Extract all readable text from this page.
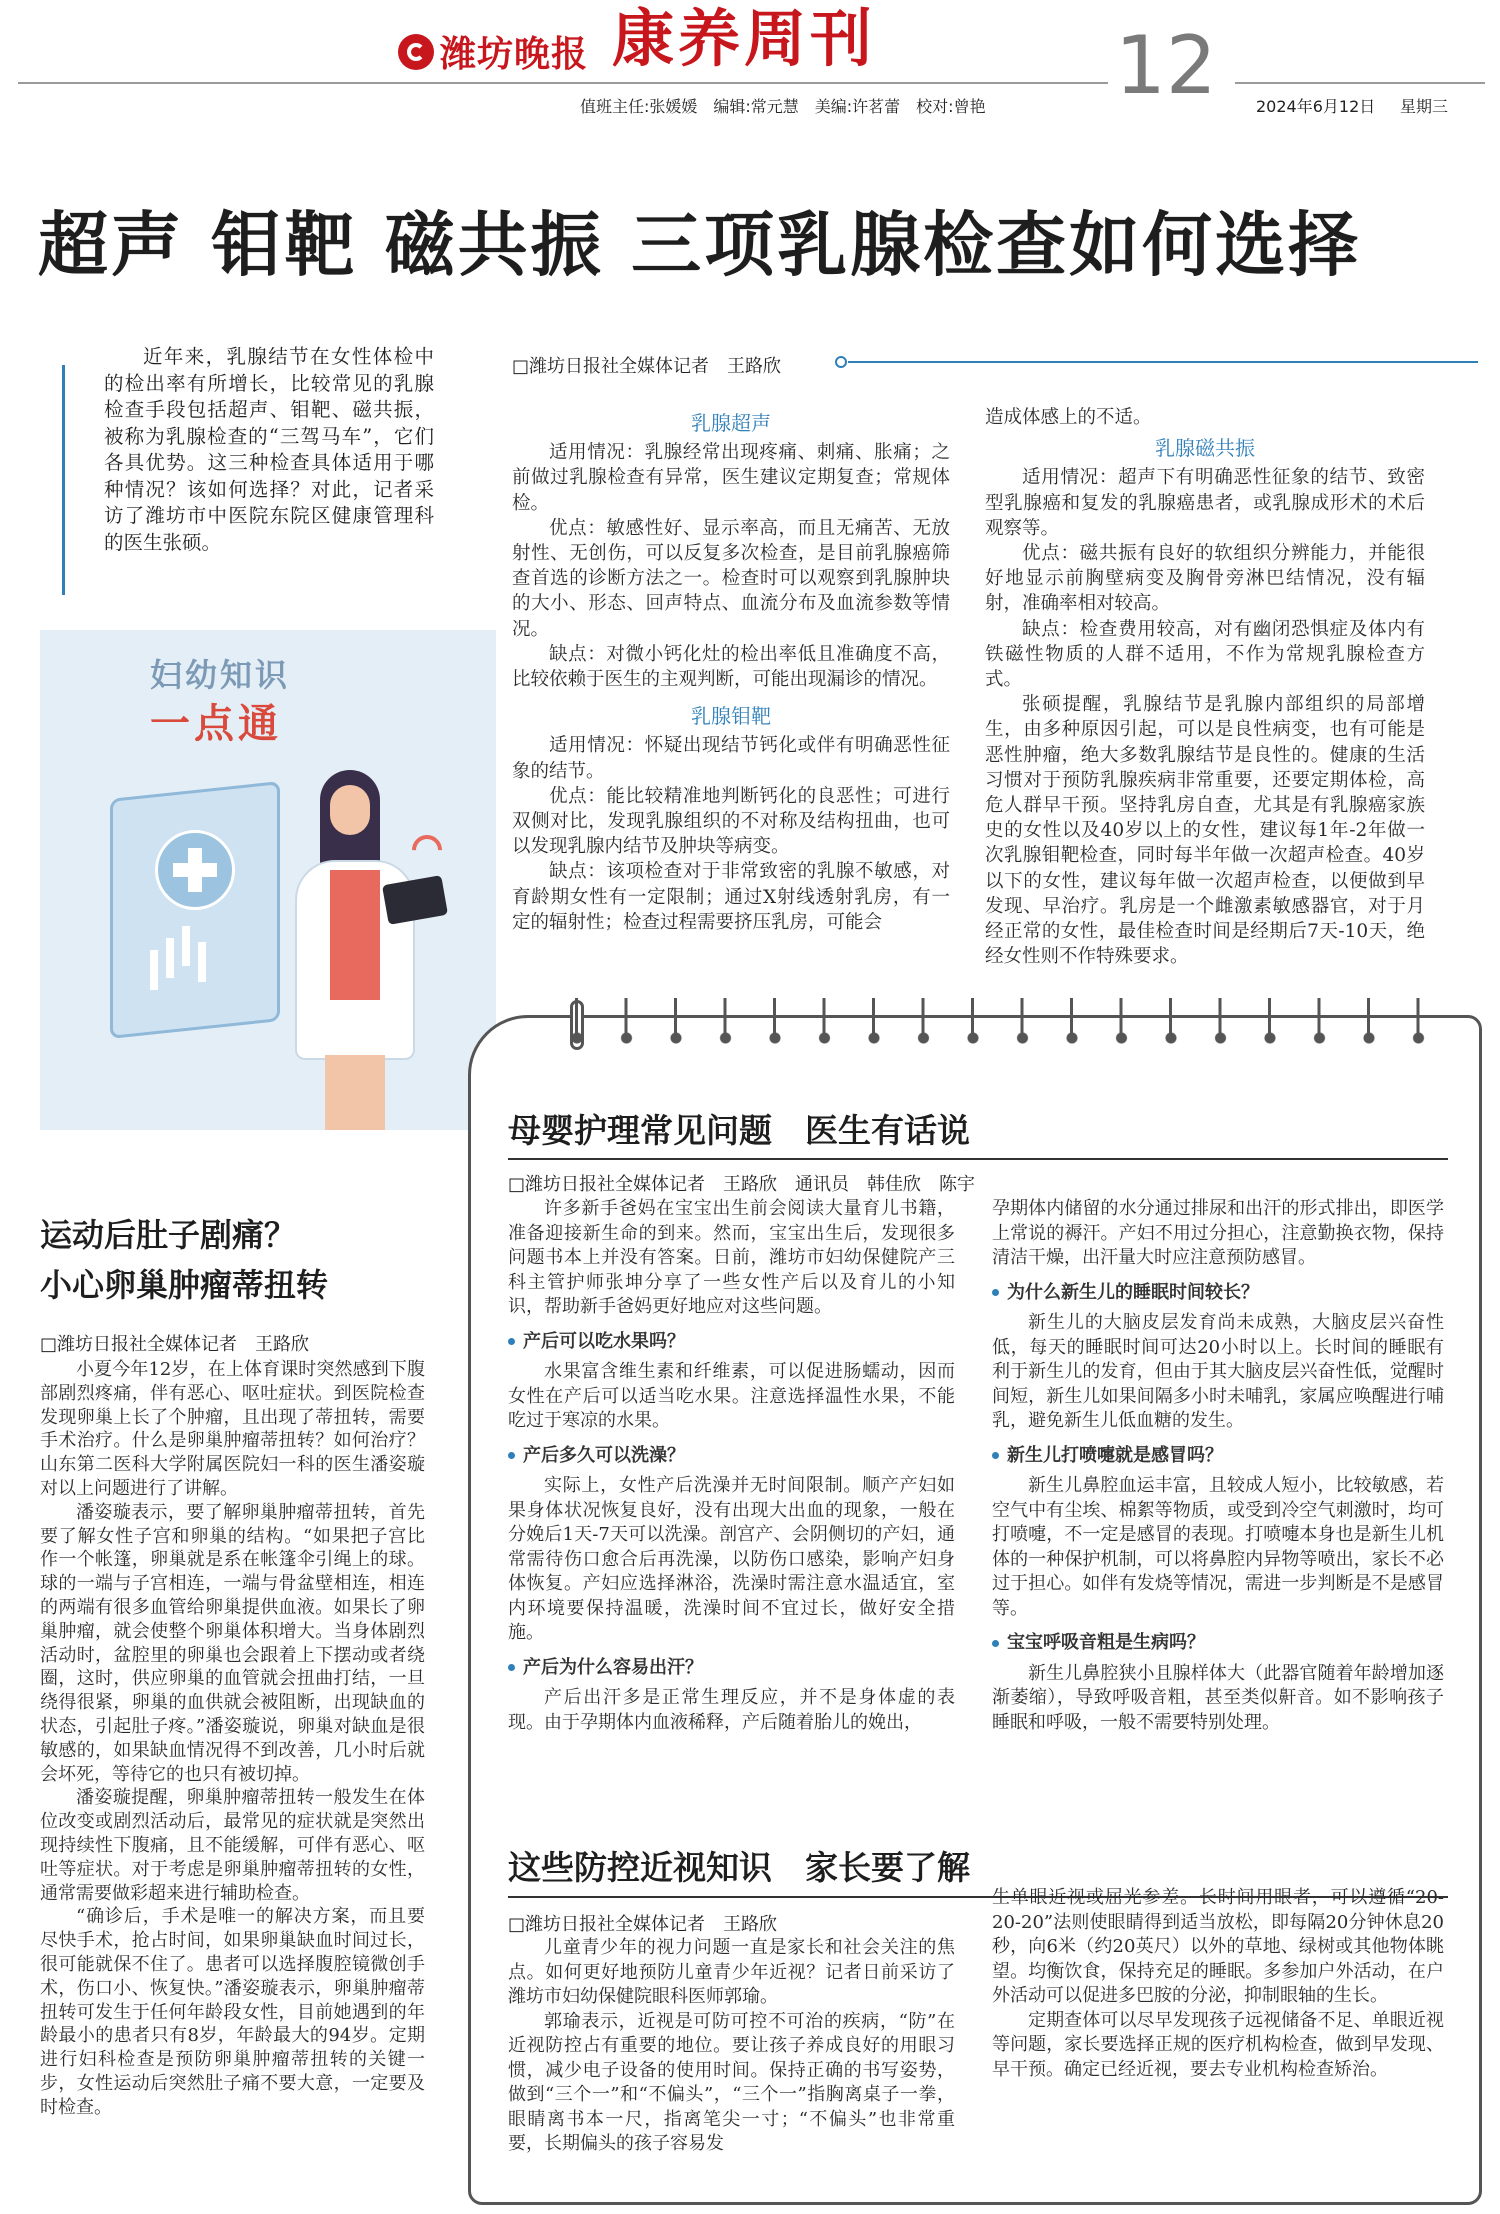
潍坊晚报 康养周刊	12
值班主任:张媛媛　编辑:常元慧　美编:许茗蕾　校对:曾艳	2024年6月12日 星期三
超声 钼靶 磁共振 三项乳腺检查如何选择
近年来，乳腺结节在女性体检中的检出率有所增长，比较常见的乳腺检查手段包括超声、钼靶、磁共振，被称为乳腺检查的“三驾马车”，它们各具优势。这三种检查具体适用于哪种情况？该如何选择？对此，记者采访了潍坊市中医院东院区健康管理科的医生张硕。
妇幼知识
一点通
□潍坊日报社全媒体记者　王路欣
乳腺超声

适用情况：乳腺经常出现疼痛、刺痛、胀痛；之前做过乳腺检查有异常，医生建议定期复查；常规体检。

优点：敏感性好、显示率高，而且无痛苦、无放射性、无创伤，可以反复多次检查，是目前乳腺癌筛查首选的诊断方法之一。检查时可以观察到乳腺肿块的大小、形态、回声特点、血流分布及血流参数等情况。

缺点：对微小钙化灶的检出率低且准确度不高，比较依赖于医生的主观判断，可能出现漏诊的情况。

乳腺钼靶

适用情况：怀疑出现结节钙化或伴有明确恶性征象的结节。

优点：能比较精准地判断钙化的良恶性；可进行双侧对比，发现乳腺组织的不对称及结构扭曲，也可以发现乳腺内结节及肿块等病变。

缺点：该项检查对于非常致密的乳腺不敏感，对育龄期女性有一定限制；通过X射线透射乳房，有一定的辐射性；检查过程需要挤压乳房，可能会

造成体感上的不适。
乳腺磁共振

适用情况：超声下有明确恶性征象的结节、致密型乳腺癌和复发的乳腺癌患者，或乳腺成形术的术后观察等。

优点：磁共振有良好的软组织分辨能力，并能很好地显示前胸壁病变及胸骨旁淋巴结情况，没有辐射，准确率相对较高。

缺点：检查费用较高，对有幽闭恐惧症及体内有铁磁性物质的人群不适用，不作为常规乳腺检查方式。

张硕提醒，乳腺结节是乳腺内部组织的局部增生，由多种原因引起，可以是良性病变，也有可能是恶性肿瘤，绝大多数乳腺结节是良性的。健康的生活习惯对于预防乳腺疾病非常重要，还要定期体检，高危人群早干预。坚持乳房自查，尤其是有乳腺癌家族史的女性以及40岁以上的女性，建议每1年-2年做一次乳腺钼靶检查，同时每半年做一次超声检查。40岁以下的女性，建议每年做一次超声检查，以便做到早发现、早治疗。乳房是一个雌激素敏感器官，对于月经正常的女性，最佳检查时间是经期后7天-10天，绝经女性则不作特殊要求。

运动后肚子剧痛？
小心卵巢肿瘤蒂扭转
□潍坊日报社全媒体记者　王路欣

小夏今年12岁，在上体育课时突然感到下腹部剧烈疼痛，伴有恶心、呕吐症状。到医院检查发现卵巢上长了个肿瘤，且出现了蒂扭转，需要手术治疗。什么是卵巢肿瘤蒂扭转？如何治疗？山东第二医科大学附属医院妇一科的医生潘姿璇对以上问题进行了讲解。

潘姿璇表示，要了解卵巢肿瘤蒂扭转，首先要了解女性子宫和卵巢的结构。“如果把子宫比作一个帐篷，卵巢就是系在帐篷伞引绳上的球。球的一端与子宫相连，一端与骨盆壁相连，相连的两端有很多血管给卵巢提供血液。如果长了卵巢肿瘤，就会使整个卵巢体积增大。当身体剧烈活动时，盆腔里的卵巢也会跟着上下摆动或者绕圈，这时，供应卵巢的血管就会扭曲打结，一旦绕得很紧，卵巢的血供就会被阻断，出现缺血的状态，引起肚子疼。”潘姿璇说，卵巢对缺血是很敏感的，如果缺血情况得不到改善，几小时后就会坏死，等待它的也只有被切掉。

潘姿璇提醒，卵巢肿瘤蒂扭转一般发生在体位改变或剧烈活动后，最常见的症状就是突然出现持续性下腹痛，且不能缓解，可伴有恶心、呕吐等症状。对于考虑是卵巢肿瘤蒂扭转的女性，通常需要做彩超来进行辅助检查。

“确诊后，手术是唯一的解决方案，而且要尽快手术，抢占时间，如果卵巢缺血时间过长，很可能就保不住了。患者可以选择腹腔镜微创手术，伤口小、恢复快。”潘姿璇表示，卵巢肿瘤蒂扭转可发生于任何年龄段女性，目前她遇到的年龄最小的患者只有8岁，年龄最大的94岁。定期进行妇科检查是预防卵巢肿瘤蒂扭转的关键一步，女性运动后突然肚子痛不要大意，一定要及时检查。

母婴护理常见问题　医生有话说
□潍坊日报社全媒体记者　王路欣　通讯员　韩佳欣　陈宇

许多新手爸妈在宝宝出生前会阅读大量育儿书籍，准备迎接新生命的到来。然而，宝宝出生后，发现很多问题书本上并没有答案。日前，潍坊市妇幼保健院产三科主管护师张坤分享了一些女性产后以及育儿的小知识，帮助新手爸妈更好地应对这些问题。

产后可以吃水果吗？

水果富含维生素和纤维素，可以促进肠蠕动，因而女性在产后可以适当吃水果。注意选择温性水果，不能吃过于寒凉的水果。

产后多久可以洗澡？

实际上，女性产后洗澡并无时间限制。顺产产妇如果身体状况恢复良好，没有出现大出血的现象，一般在分娩后1天-7天可以洗澡。剖宫产、会阴侧切的产妇，通常需待伤口愈合后再洗澡，以防伤口感染，影响产妇身体恢复。产妇应选择淋浴，洗澡时需注意水温适宜，室内环境要保持温暖，洗澡时间不宜过长，做好安全措施。

产后为什么容易出汗？

产后出汗多是正常生理反应，并不是身体虚的表现。由于孕期体内血液稀释，产后随着胎儿的娩出，

孕期体内储留的水分通过排尿和出汗的形式排出，即医学上常说的褥汗。产妇不用过分担心，注意勤换衣物，保持清洁干燥，出汗量大时应注意预防感冒。
为什么新生儿的睡眠时间较长？

新生儿的大脑皮层发育尚未成熟，大脑皮层兴奋性低，每天的睡眠时间可达20小时以上。长时间的睡眠有利于新生儿的发育，但由于其大脑皮层兴奋性低，觉醒时间短，新生儿如果间隔多小时未哺乳，家属应唤醒进行哺乳，避免新生儿低血糖的发生。

新生儿打喷嚏就是感冒吗？

新生儿鼻腔血运丰富，且较成人短小，比较敏感，若空气中有尘埃、棉絮等物质，或受到冷空气刺激时，均可打喷嚏，不一定是感冒的表现。打喷嚏本身也是新生儿机体的一种保护机制，可以将鼻腔内异物等喷出，家长不必过于担心。如伴有发烧等情况，需进一步判断是不是感冒等。

宝宝呼吸音粗是生病吗？

新生儿鼻腔狭小且腺样体大（此器官随着年龄增加逐渐萎缩），导致呼吸音粗，甚至类似鼾音。如不影响孩子睡眠和呼吸，一般不需要特别处理。

这些防控近视知识　家长要了解
□潍坊日报社全媒体记者　王路欣

儿童青少年的视力问题一直是家长和社会关注的焦点。如何更好地预防儿童青少年近视？记者日前采访了潍坊市妇幼保健院眼科医师郭瑜。

郭瑜表示，近视是可防可控不可治的疾病，“防”在近视防控占有重要的地位。要让孩子养成良好的用眼习惯，减少电子设备的使用时间。保持正确的书写姿势，做到“三个一”和“不偏头”，“三个一”指胸离桌子一拳，眼睛离书本一尺，指离笔尖一寸；“不偏头”也非常重要，长期偏头的孩子容易发

生单眼近视或屈光参差。长时间用眼者，可以遵循“20-20-20”法则使眼睛得到适当放松，即每隔20分钟休息20秒，向6米（约20英尺）以外的草地、绿树或其他物体眺望。均衡饮食，保持充足的睡眠。多参加户外活动，在户外活动可以促进多巴胺的分泌，抑制眼轴的生长。

定期查体可以尽早发现孩子远视储备不足、单眼近视等问题，家长要选择正规的医疗机构检查，做到早发现、早干预。确定已经近视，要去专业机构检查矫治。
